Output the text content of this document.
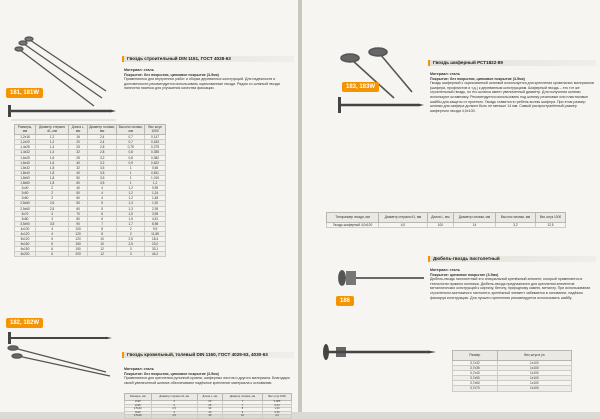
181, 181W
Гвоздь строительный DIN 1151, ГОСТ 4028-63
Материал: сталь
Покрытие: без покрытия, цинковое покрытие (3-5мк)
Применяются для внутренних работ и сборки деревянных конструкций. Для надежности и долговечности рекомендуется использовать оцинкованные гвозди. Рядом со шляпкой гвоздя нанесена насечка для улучшения качества фиксации.
Размеры, мм	Диаметр стержня d1, мм	Длина L, мм	Диаметр головки, мм	Высота головки, мм	Вес штук 1000
1,2х16	1,2	16	2,4	0,7	0,147
1,2х20	1,2	20	2,4	0,7	0,183
1,4х25	1,4	25	2,8	0,75	0,275
1,4х32	1,4	32	2,8	0,8	0,355
1,6х25	1,6	25	3,2	0,8	0,382
1,6х40	1,6	40	3,2	0,9	0,622
1,8х32	1,8	32	3,5	1	0,65
1,8х40	1,8	40	3,5	1	0,811
1,8х50	1,8	50	3,5	1	1,015
1,8х60	1,8	60	3,5	1	1,2
2х40	2	40	4	1,2	0,99
2х50	2	50	4	1,2	1,24
2х60	2	60	4	1,2	1,48
2,5х50	2,5	50	5	1,3	1,92
2,5х60	2,5	60	5	1,3	2,39
3х70	3	70	6	1,5	3,95
3х80	3	80	6	1,5	4,51
3,5х90	3,5	90	7	1,7	6,98
4х100	4	100	8	2	9,9
4х120	4	120	8	2	11,85
5х120	5	120	10	2,5	18,4
5х150	5	150	10	2,5	23,0
6х150	6	150	12	3	33,1
6х200	6	200	12	3	44,2
182, 182W
Гвоздь кровельный, толевый DIN 1160, ГОСТ 4029-63, 4030-63
Материал: сталь
Покрытие: без покрытия, цинковое покрытие (3-5мк)
Применяются для крепления рулонной кровли, шиферных листов и другого материала. Благодаря своей увеличенной шляпке обеспечивают надёжное крепление материала к основанию.
Размеры, мм	Диаметр стержня d1, мм	Длина L, мм	Диаметр головки, мм	Вес штук 1000
2х20	2	20	7	0,485
2х25	2	25	7	0,63
2,5х32	2,5	32	8	1,23
3х40	3	40	9	2,36
3,5х40	3,5	40	10	3,2
183, 183W
Гвоздь шиферный РСТ1822-89
Материал: сталь
Покрытие: без покрытия, цинковое покрытие (3-5мк)
Гвоздь шиферный с оцинкованной шляпкой используется для крепления кровельных материалов (шифера, профлистов и т.д.) к деревянным конструкциям. Шиферный гвоздь – это тот же строительный гвоздь, но его шляпка имеет увеличенный диаметр. Для получения шляпки используют штамповку. Рекомендуется использовать под шляпку резиновые или пластиковые шайбы для защиты от протечек. Гвоздь ставится в гребень волны шифера. При этом размер шляпки для шифера должен быть не меньше 14 мм. Самый распространённый размер шиферного гвоздя 4,0х100.
Типоразмер гвоздя, мм	Диаметр стержня d1, мм	Длина L, мм	Диаметр головки, мм	Высота головки, мм	Вес штук 1000
Гвоздь шиферный 4,0х100	4,0	100	14	3,2	12,5
186
Дюбель-гвоздь пистолетный
Материал: сталь
Покрытие: цинковое покрытие (3-5мк)
Дюбель-гвоздь пистолетный это специальный крепёжный элемент, который применяется в технологии прямого монтажа. Дюбель-гвоздь предназначен для крепления элементов металлических конструкций к кирпичу, бетону, природному камню, металлу. При использовании строительно-монтажного пистолета, крепёжный элемент забивается в основание, надёжно фиксируя конструкцию. Для лучшего крепления рекомендуется использовать шайбу.
Размер	Вес штук в уп
3,7х32	1х100
3,7х35	1х100
3,7х40	1х100
3,7х50	1х100
3,7х60	1х100
3,7х70	1х100
